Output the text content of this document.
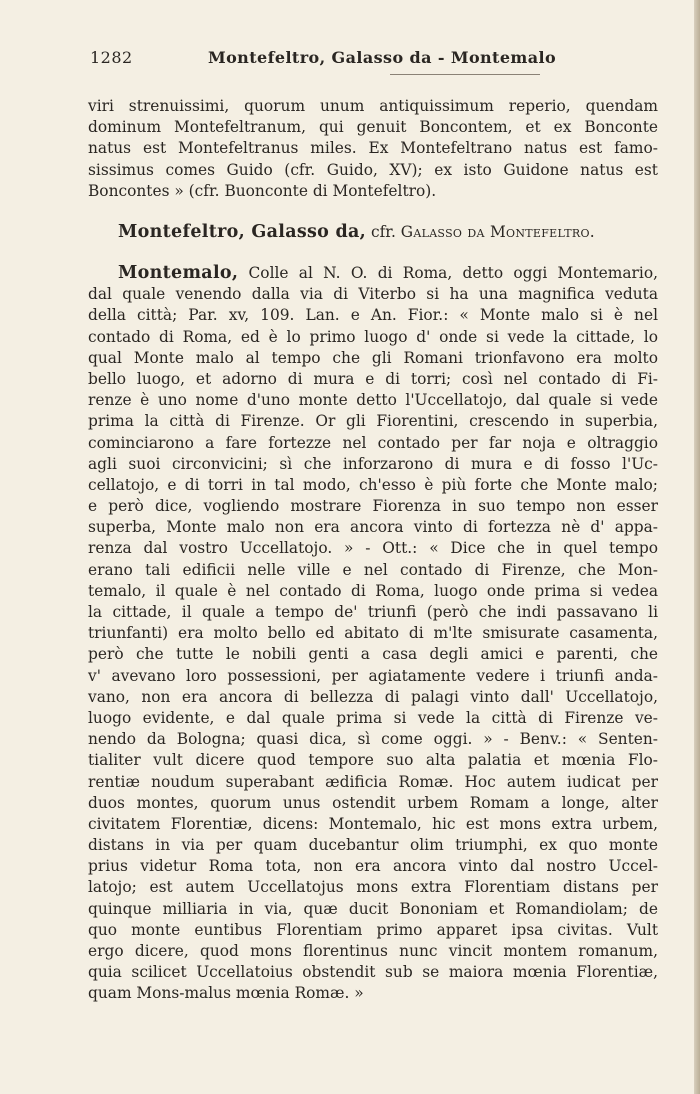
1282	Montefeltro, Galasso da - Montemalo
viri strenuissimi, quorum unum antiquissimum reperio, quendam
dominum Montefeltranum, qui genuit Boncontem, et ex Bonconte
natus est Montefeltranus miles. Ex Montefeltrano natus est famo-
sissimus comes Guido (cfr. Guido, XV); ex isto Guidone natus est
Boncontes » (cfr. Buonconte di Montefeltro).
Montefeltro, Galasso da, cfr. Galasso da Montefeltro.
Montemalo, Colle al N. O. di Roma, detto oggi Montemario,
dal quale venendo dalla via di Viterbo si ha una magnifica veduta
della città; Par. xv, 109. Lan. e An. Fior.: « Monte malo si è nel
contado di Roma, ed è lo primo luogo d' onde si vede la cittade, lo
qual Monte malo al tempo che gli Romani trionfavono era molto
bello luogo, et adorno di mura e di torri; così nel contado di Fi-
renze è uno nome d'uno monte detto l'Uccellatojo, dal quale si vede
prima la città di Firenze. Or gli Fiorentini, crescendo in superbia,
cominciarono a fare fortezze nel contado per far noja e oltraggio
agli suoi circonvicini; sì che inforzarono di mura e di fosso l'Uc-
cellatojo, e di torri in tal modo, ch'esso è più forte che Monte malo;
e però dice, vogliendo mostrare Fiorenza in suo tempo non esser
superba, Monte malo non era ancora vinto di fortezza nè d' appa-
renza dal vostro Uccellatojo. » - Ott.: « Dice che in quel tempo
erano tali edificii nelle ville e nel contado di Firenze, che Mon-
temalo, il quale è nel contado di Roma, luogo onde prima si vedea
la cittade, il quale a tempo de' triunfi (però che indi passavano li
triunfanti) era molto bello ed abitato di m'lte smisurate casamenta,
però che tutte le nobili genti a casa degli amici e parenti, che
v' avevano loro possessioni, per agiatamente vedere i triunfi anda-
vano, non era ancora di bellezza di palagi vinto dall' Uccellatojo,
luogo evidente, e dal quale prima si vede la città di Firenze ve-
nendo da Bologna; quasi dica, sì come oggi. » - Benv.: « Senten-
tialiter vult dicere quod tempore suo alta palatia et mœnia Flo-
rentiæ noudum superabant ædificia Romæ. Hoc autem iudicat per
duos montes, quorum unus ostendit urbem Romam a longe, alter
civitatem Florentiæ, dicens: Montemalo, hic est mons extra urbem,
distans in via per quam ducebantur olim triumphi, ex quo monte
prius videtur Roma tota, non era ancora vinto dal nostro Uccel-
latojo; est autem Uccellatojus mons extra Florentiam distans per
quinque milliaria in via, quæ ducit Bononiam et Romandiolam; de
quo monte euntibus Florentiam primo apparet ipsa civitas. Vult
ergo dicere, quod mons florentinus nunc vincit montem romanum,
quia scilicet Uccellatoius obstendit sub se maiora mœnia Florentiæ,
quam Mons-malus mœnia Romæ. »
